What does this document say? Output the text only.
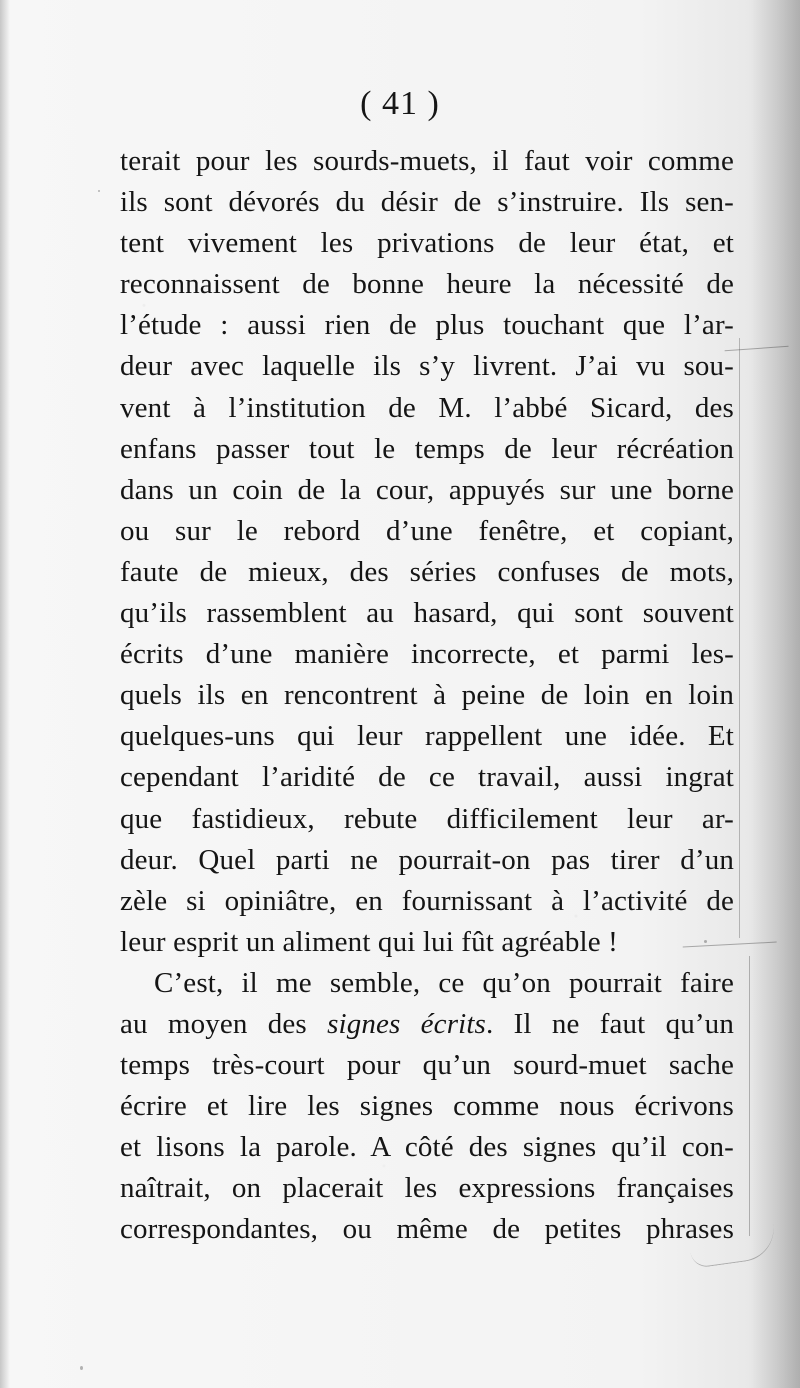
( 41 )
terait pour les sourds-muets, il faut voir comme
ils sont dévorés du désir de s’instruire. Ils sen-
tent vivement les privations de leur état, et
reconnaissent de bonne heure la nécessité de
l’étude : aussi rien de plus touchant que l’ar-
deur avec laquelle ils s’y livrent. J’ai vu sou-
vent à l’institution de M. l’abbé Sicard, des
enfans passer tout le temps de leur récréation
dans un coin de la cour, appuyés sur une borne
ou sur le rebord d’une fenêtre, et copiant,
faute de mieux, des séries confuses de mots,
qu’ils rassemblent au hasard, qui sont souvent
écrits d’une manière incorrecte, et parmi les-
quels ils en rencontrent à peine de loin en loin
quelques-uns qui leur rappellent une idée. Et
cependant l’aridité de ce travail, aussi ingrat
que fastidieux, rebute difficilement leur ar-
deur. Quel parti ne pourrait-on pas tirer d’un
zèle si opiniâtre, en fournissant à l’activité de
leur esprit un aliment qui lui fût agréable !
C’est, il me semble, ce qu’on pourrait faire
au moyen des signes écrits. Il ne faut qu’un
temps très-court pour qu’un sourd-muet sache
écrire et lire les signes comme nous écrivons
et lisons la parole. A côté des signes qu’il con-
naîtrait, on placerait les expressions françaises
correspondantes, ou même de petites phrases
